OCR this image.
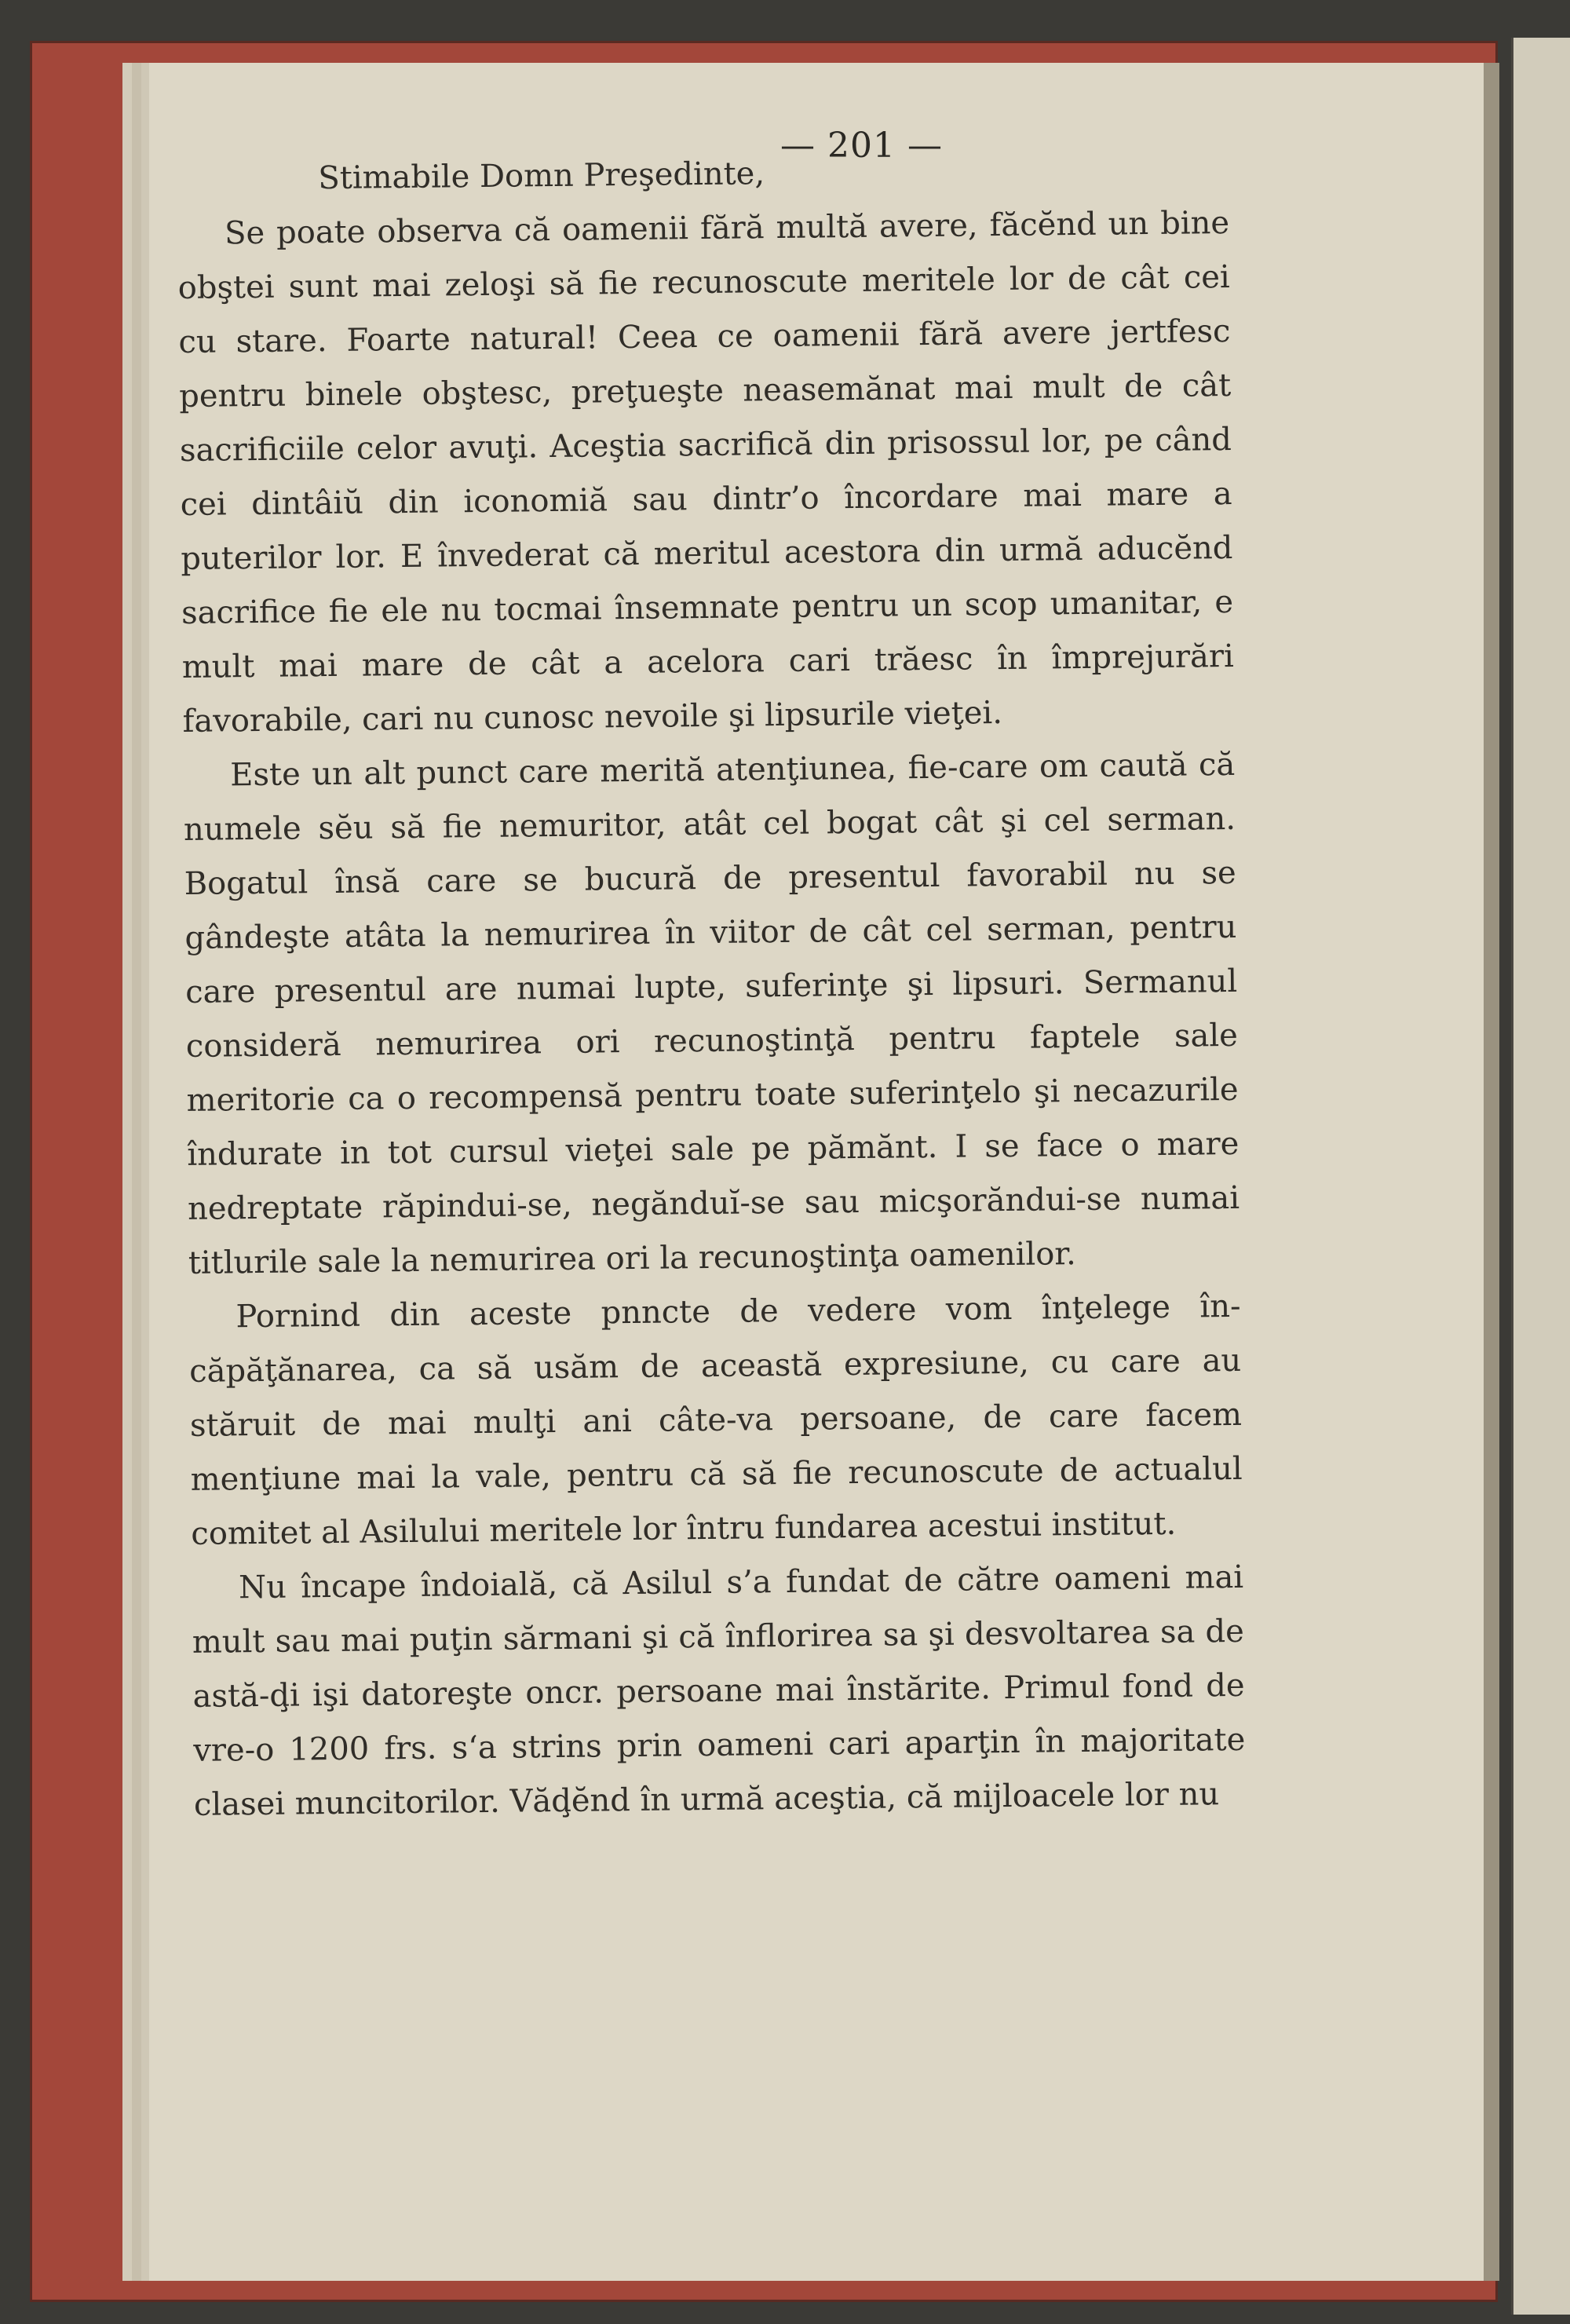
— 201 —

Stimabile Domn Preşedinte,

Se poate observa că oamenii fără multă avere, făcĕnd un bine obştei sunt mai zeloşi să fie recunoscute meritele lor de cât cei cu stare. Foarte natural! Ceea ce oamenii fără avere jertfesc pentru binele obştesc, preţueşte neasemănat mai mult de cât sacrificiile celor avuţi. Aceştia sacrifică din prisossul lor, pe când cei dintâiŭ din iconomiă sau dintr’o încordare mai mare a puterilor lor. E învederat că meritul acestora din urmă aducĕnd sacrifice fie ele nu tocmai însemnate pentru un scop umanitar, e mult mai mare de cât a acelora cari trăesc în împrejurări favorabile, cari nu cunosc nevoile şi lipsurile vieţei.

Este un alt punct care merită atenţiunea, fie-care om caută că numele sĕu să fie nemuritor, atât cel bogat cât şi cel serman. Bogatul însă care se bucură de presentul favorabil nu se gândeşte atâta la nemurirea în viitor de cât cel serman, pentru care presentul are numai lupte, suferinţe şi lipsuri. Sermanul consideră nemurirea ori recunoştinţă pentru faptele sale meritorie ca o recompensă pentru toate suferinţelo şi necazurile îndurate in tot cursul vieţei sale pe pămănt. I se face o mare nedreptate răpindui-se, negănduĭ-se sau micşorăndui-se numai titlurile sale la nemurirea ori la recunoştinţa oamenilor.

Pornind din aceste pnncte de vedere vom înţelege încăpăţănarea, ca să usăm de această expresiune, cu care au stăruit de mai mulţi ani câte-va persoane, de care facem menţiune mai la vale, pentru că să fie recunoscute de actualul comitet al Asilului meritele lor întru fundarea acestui institut.

Nu încape îndoială, că Asilul s’a fundat de către oameni mai mult sau mai puţin sărmani şi că înflorirea sa şi desvoltarea sa de astă-ḑi işi datoreşte oncr. persoane mai înstărite. Primul fond de vre-o 1200 frs. s‘a strins prin oameni cari aparţin în majoritate clasei muncitorilor. Văḑĕnd în urmă aceştia, că mijloacele lor nu
